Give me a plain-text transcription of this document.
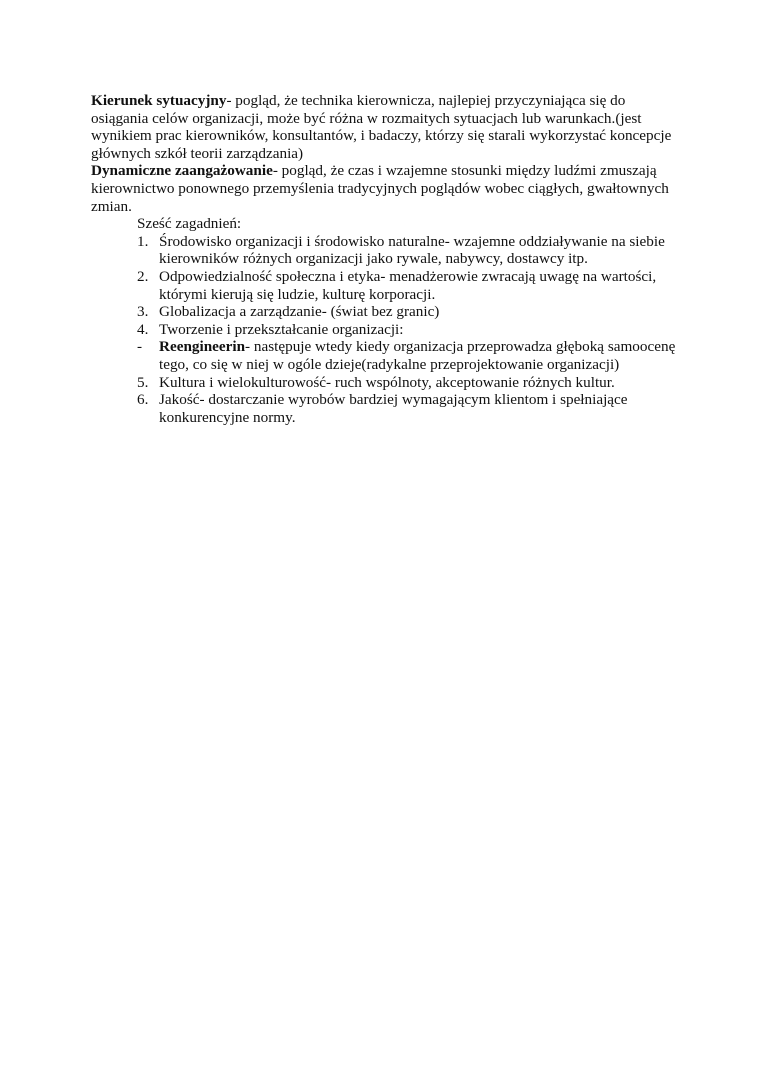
Kierunek sytuacyjny- pogląd, że technika kierownicza, najlepiej przyczyniająca się do osiągania celów organizacji, może być różna w rozmaitych sytuacjach lub warunkach.(jest wynikiem prac kierowników, konsultantów, i badaczy, którzy się starali wykorzystać koncepcje głównych szkół teorii zarządzania)

Dynamiczne zaangażowanie- pogląd, że czas i wzajemne stosunki między ludźmi zmuszają kierownictwo ponownego przemyślenia tradycyjnych poglądów wobec ciągłych, gwałtownych zmian.

Sześć zagadnień:

1. Środowisko organizacji i środowisko naturalne- wzajemne oddziaływanie na siebie kierowników różnych organizacji jako rywale, nabywcy, dostawcy itp.
2. Odpowiedzialność społeczna i etyka- menadżerowie zwracają uwagę na wartości, którymi kierują się ludzie, kulturę korporacji.
3. Globalizacja a zarządzanie- (świat bez granic)
4. Tworzenie i przekształcanie organizacji:
- Reengineerin- następuje wtedy kiedy organizacja przeprowadza głęboką samoocenę tego, co się w niej w ogóle dzieje(radykalne przeprojektowanie organizacji)
5. Kultura i wielokulturowość- ruch wspólnoty, akceptowanie różnych kultur.
6. Jakość- dostarczanie wyrobów bardziej wymagającym klientom i spełniające konkurencyjne normy.
